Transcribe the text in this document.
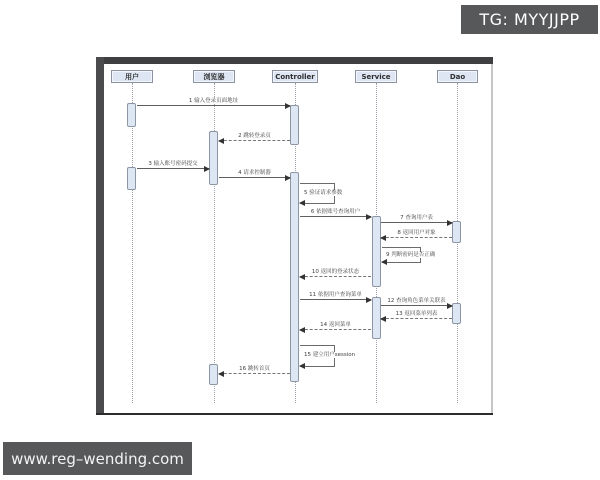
TG: MYYJJPP
用户	浏览器	Controller	Service	Dao
1 输入登录页面地址
2 跳转登录页
3 输入账号密码提交
4 请求控制器
5 验证请求参数
6 依据账号查询用户
7 查询用户表
8 返回用户对象
9 判断密码是否正确
10 返回的登录状态
11 依据用户查询菜单
12 查询角色菜单关联表
13 返回菜单列表
14 返回菜单
15 建立用户session
16 跳转首页
www.reg–wending.com
